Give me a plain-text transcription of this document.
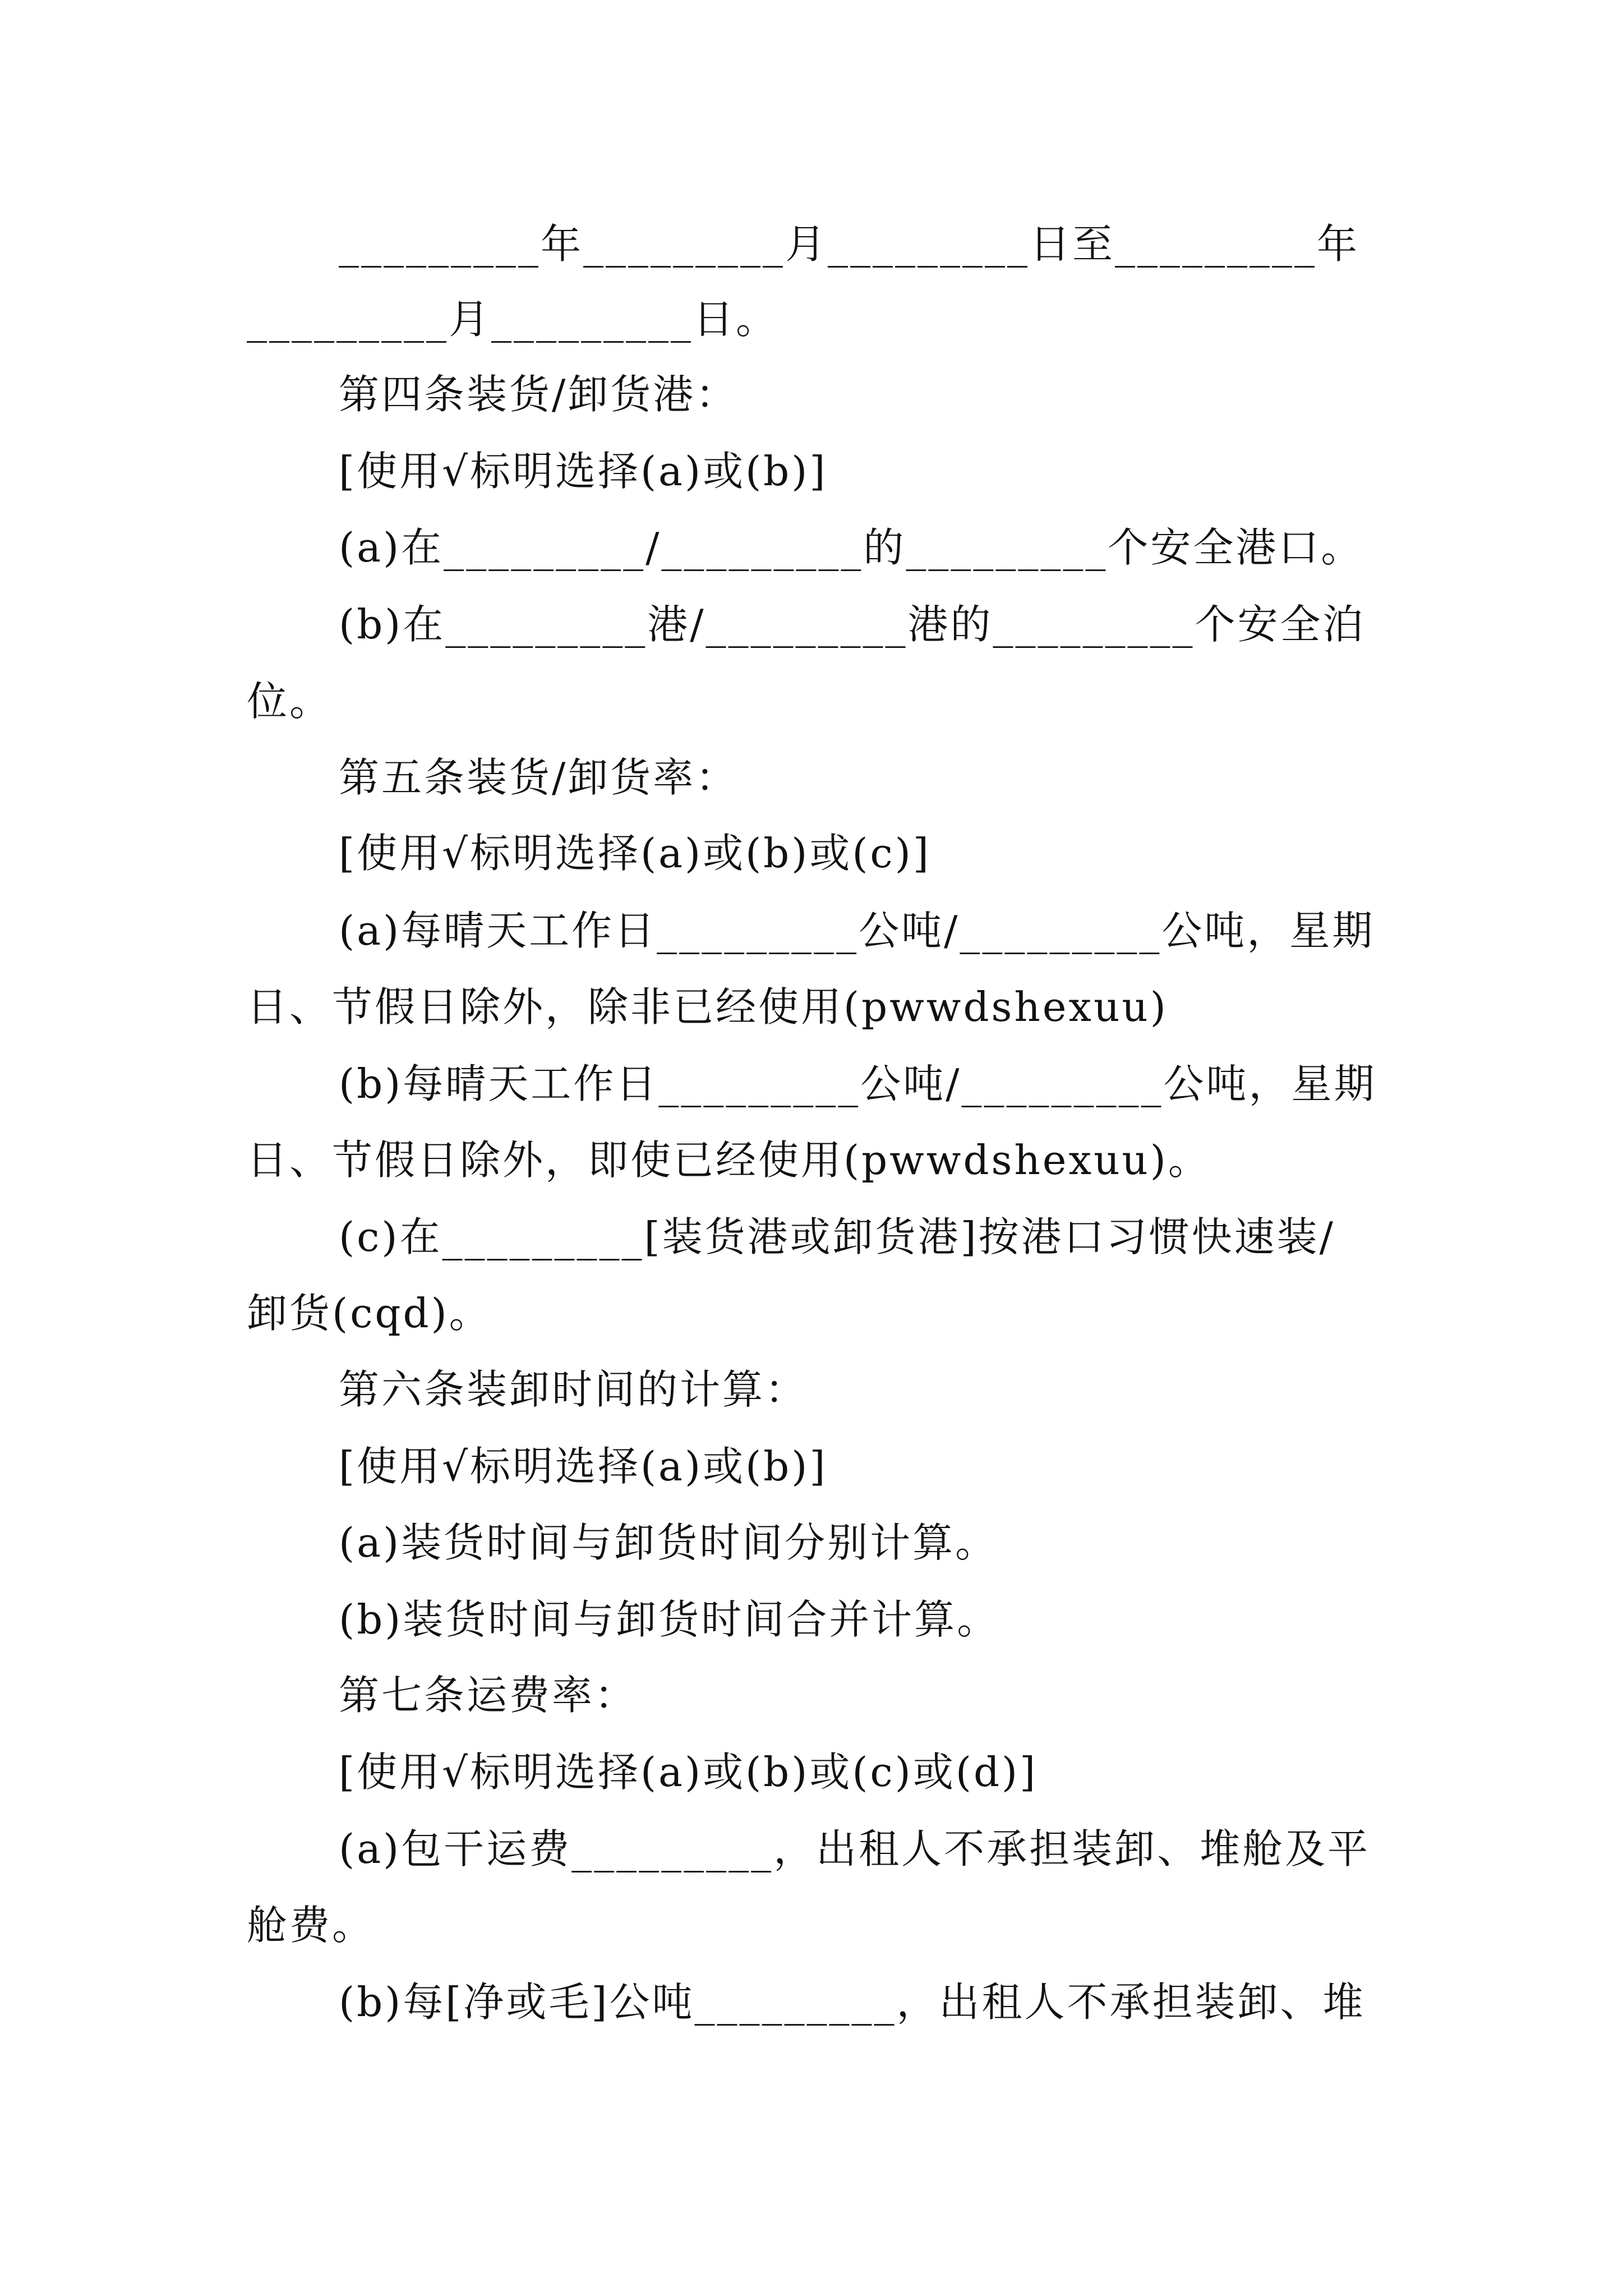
_________年_________月_________日至_________年
_________月_________日。
第四条装货/卸货港：
[使用√标明选择(a)或(b)]
(a)在_________/_________的_________个安全港口。
(b)在_________港/_________港的_________个安全泊
位。
第五条装货/卸货率：
[使用√标明选择(a)或(b)或(c)]
(a)每晴天工作日_________公吨/_________公吨，星期
日、节假日除外，除非已经使用(pwwdshexuu)
(b)每晴天工作日_________公吨/_________公吨，星期
日、节假日除外，即使已经使用(pwwdshexuu)。
(c)在_________[装货港或卸货港]按港口习惯快速装/
卸货(cqd)。
第六条装卸时间的计算：
[使用√标明选择(a)或(b)]
(a)装货时间与卸货时间分别计算。
(b)装货时间与卸货时间合并计算。
第七条运费率：
[使用√标明选择(a)或(b)或(c)或(d)]
(a)包干运费_________，出租人不承担装卸、堆舱及平
舱费。
(b)每[净或毛]公吨_________，出租人不承担装卸、堆
